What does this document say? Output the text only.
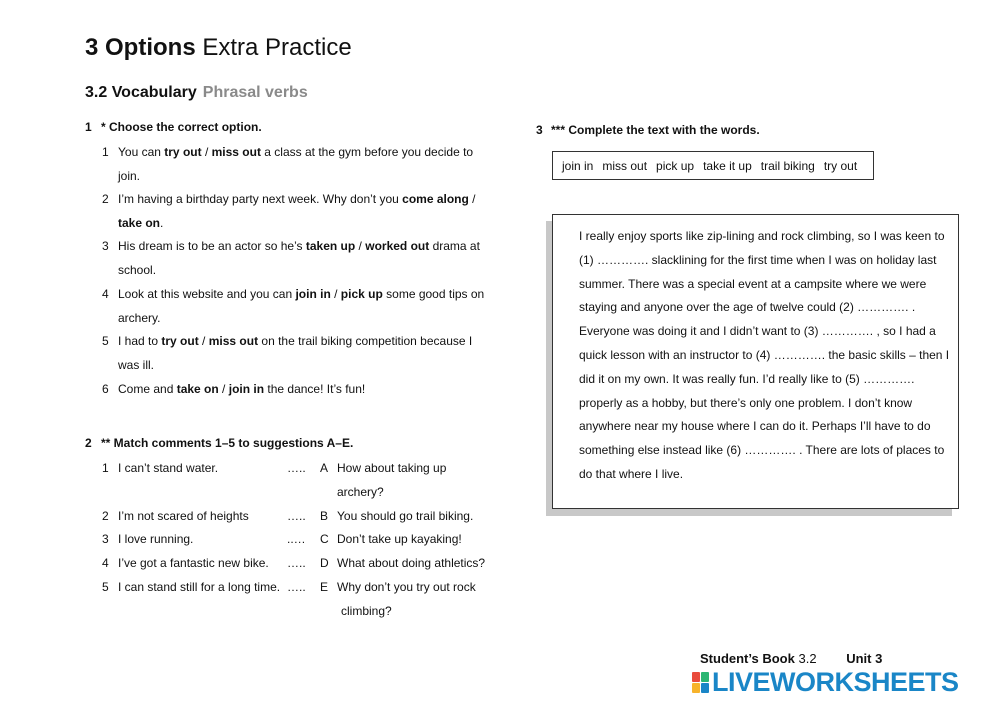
3 Options Extra Practice
3.2 Vocabulary Phrasal verbs
1 * Choose the correct option.
1 You can try out / miss out a class at the gym before you decide to join.
2 I’m having a birthday party next week. Why don’t you come along / take on.
3 His dream is to be an actor so he’s taken up / worked out drama at school.
4 Look at this website and you can join in / pick up some good tips on archery.
5 I had to try out / miss out on the trail biking competition because I was ill.
6 Come and take on / join in the dance! It’s fun!
2 ** Match comments 1–5 to suggestions A–E.
1 I can’t stand water.	….. A How about taking up
archery?
2 I’m not scared of heights	….. B You should go trail biking.
3 I love running.	..… C Don’t take up kayaking!
4 I’ve got a fantastic new bike. ….. D What about doing athletics?
5 I can stand still for a long time. ….. E Why don’t you try out rock
climbing?
3 *** Complete the text with the words.
join in miss out pick up take it up trail biking try out
I really enjoy sports like zip-lining and rock climbing, so I was keen to
(1) …………. slacklining for the first time when I was on holiday last
summer. There was a special event at a campsite where we were
staying and anyone over the age of twelve could (2) …………. .
Everyone was doing it and I didn’t want to (3) …………. , so I had a
quick lesson with an instructor to (4) …………. the basic skills – then I
did it on my own. It was really fun. I’d really like to (5) ………….
properly as a hobby, but there’s only one problem. I don’t know
anywhere near my house where I can do it. Perhaps I’ll have to do
something else instead like (6) …………. . There are lots of places to
do that where I live.
Student’s Book 3.2 Unit 3
LIVEWORKSHEETS
